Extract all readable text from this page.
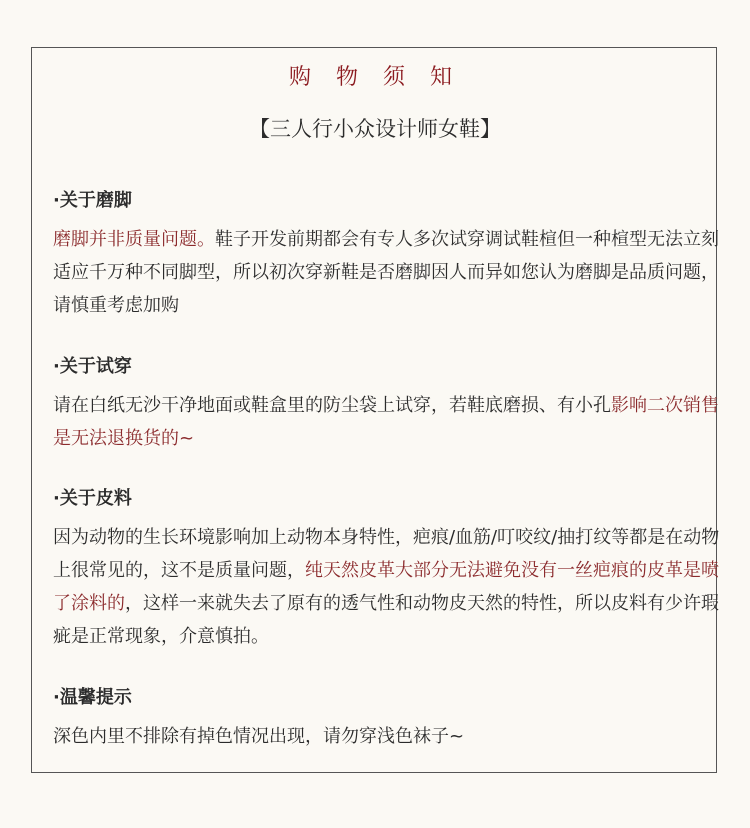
购 物 须 知
【三人行小众设计师女鞋】
·关于磨脚
磨脚并非质量问题。鞋子开发前期都会有专人多次试穿调试鞋楦但一种楦型无法立刻适应千万种不同脚型，所以初次穿新鞋是否磨脚因人而异如您认为磨脚是品质问题，请慎重考虑加购
·关于试穿
请在白纸无沙干净地面或鞋盒里的防尘袋上试穿，若鞋底磨损、有小孔影响二次销售是无法退换货的~
·关于皮料
因为动物的生长环境影响加上动物本身特性，疤痕/血筋/叮咬纹/抽打纹等都是在动物上很常见的，这不是质量问题，纯天然皮革大部分无法避免没有一丝疤痕的皮革是喷了涂料的，这样一来就失去了原有的透气性和动物皮天然的特性，所以皮料有少许瑕疵是正常现象，介意慎拍。
·温馨提示
深色内里不排除有掉色情况出现，请勿穿浅色袜子~
